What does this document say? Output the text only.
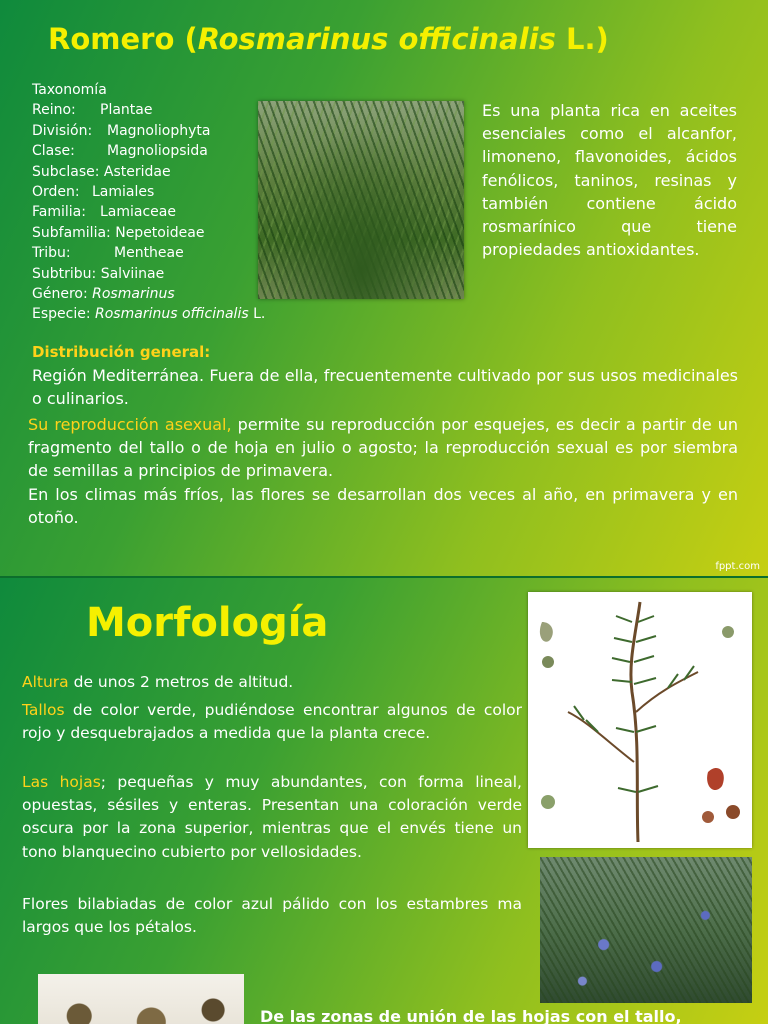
Romero (Rosmarinus officinalis L.)
Taxonomía
Reino: Plantae
División: Magnoliophyta
Clase: Magnoliopsida
Subclase: Asteridae
Orden: Lamiales
Familia: Lamiaceae
Subfamilia: Nepetoideae
Tribu:	Mentheae
Subtribu: Salviinae
Género: Rosmarinus
Especie: Rosmarinus officinalis L.

Es una planta rica en aceites esenciales como el alcanfor, limoneno, flavonoides, ácidos fenólicos, taninos, resinas y también contiene ácido rosmarínico que tiene propiedades antioxidantes.

Distribución general:

Región Mediterránea. Fuera de ella, frecuentemente cultivado por sus usos medicinales o culinarios.

Su reproducción asexual, permite su reproducción por esquejes, es decir a partir de un fragmento del tallo o de hoja en julio o agosto; la reproducción sexual es por siembra de semillas a principios de primavera.

En los climas más fríos, las flores se desarrollan dos veces al año, en primavera y en otoño.

fppt.com
Morfología

Altura de unos 2 metros de altitud.

Tallos de color verde, pudiéndose encontrar algunos de color rojo y desquebrajados a medida que la planta crece.

Las hojas; pequeñas y muy abundantes, con forma lineal, opuestas, sésiles y enteras. Presentan una coloración verde oscura por la zona superior, mientras que el envés tiene un tono blanquecino cubierto por vellosidades.

Flores bilabiadas de color azul pálido con los estambres ma largos que los pétalos.

De las zonas de unión de las hojas con el tallo,
